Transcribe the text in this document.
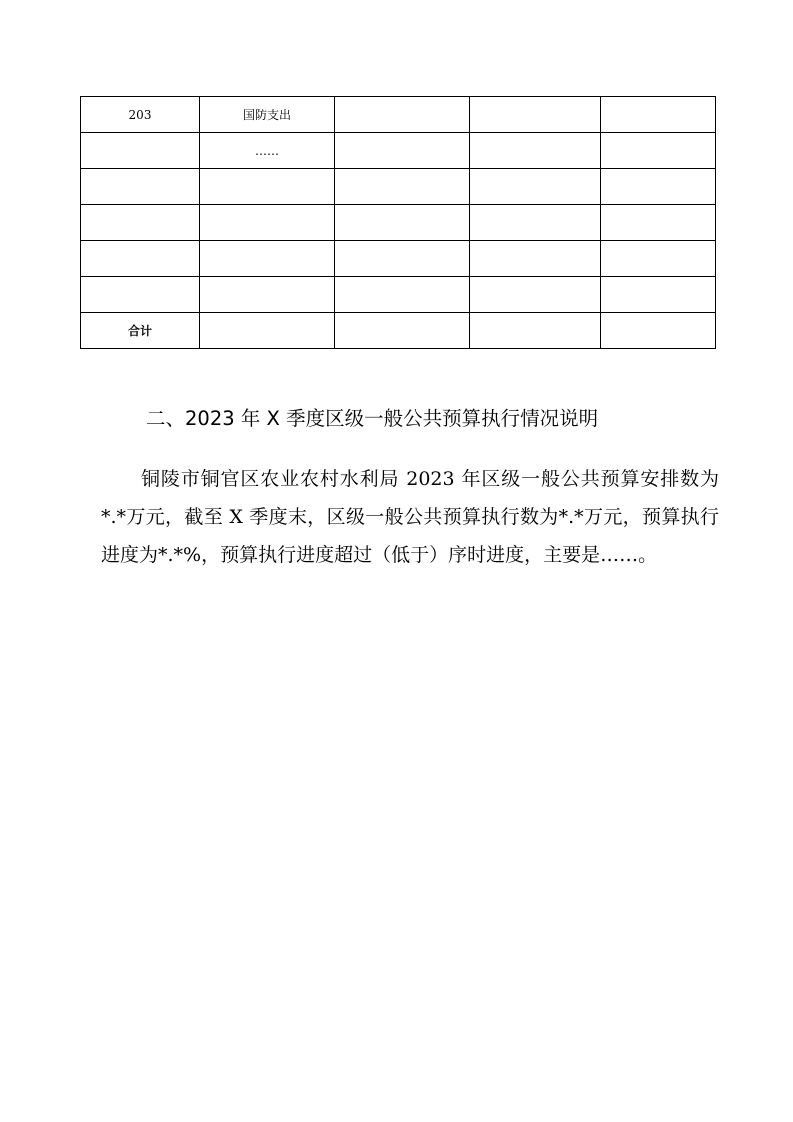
203	国防支出			
	……			

合计				
二、2023 年 X 季度区级一般公共预算执行情况说明

铜陵市铜官区农业农村水利局 2023 年区级一般公共预算安排数为*.*万元，截至 X 季度末，区级一般公共预算执行数为*.*万元，预算执行进度为*.*%，预算执行进度超过（低于）序时进度，主要是……。
